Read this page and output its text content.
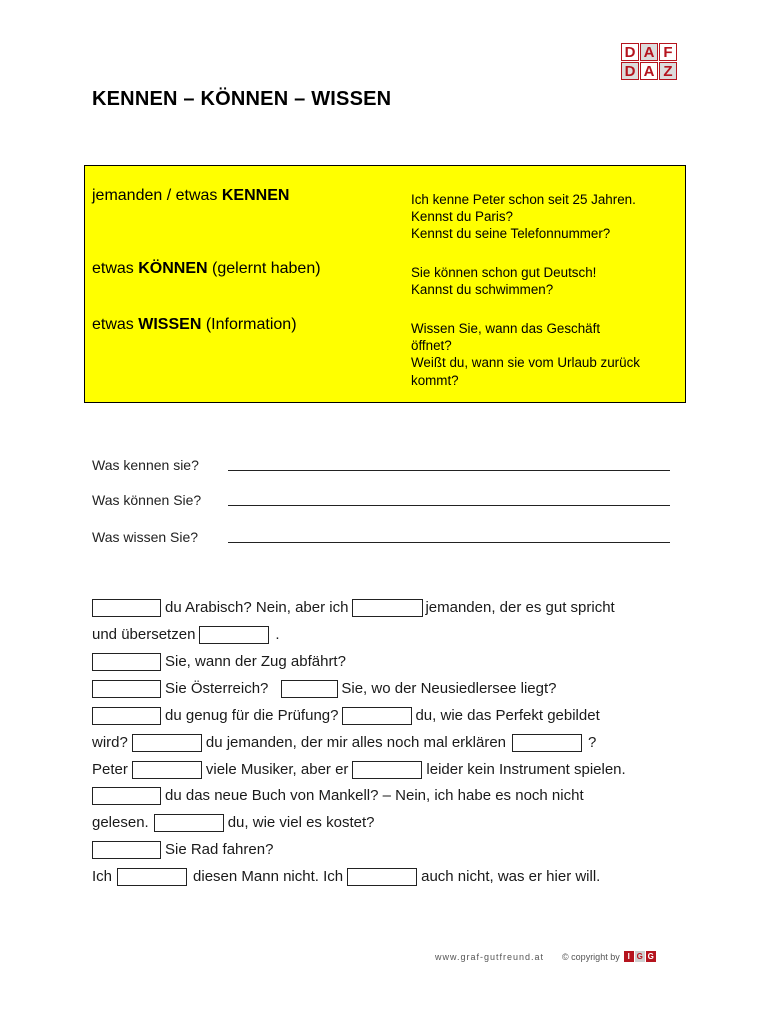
D A F
D A Z
KENNEN – KÖNNEN – WISSEN
jemanden / etwas KENNEN	Ich kenne Peter schon seit 25 Jahren.
Kennst du Paris?
Kennst du seine Telefonnummer?
etwas KÖNNEN (gelernt haben)	Sie können schon gut Deutsch!
Kannst du schwimmen?
etwas WISSEN (Information)	Wissen Sie, wann das Geschäft
öffnet?
Weißt du, wann sie vom Urlaub zurück
kommt?
Was kennen sie?
Was können Sie?
Was wissen Sie?
du Arabisch? Nein, aber ich	jemanden, der es gut spricht
und übersetzen	.
Sie, wann der Zug abfährt?
Sie Österreich?	Sie, wo der Neusiedlersee liegt?
du genug für die Prüfung?	du, wie das Perfekt gebildet
wird?	du jemanden, der mir alles noch mal erklären	?
Peter	viele Musiker, aber er	leider kein Instrument spielen.
du das neue Buch von Mankell? – Nein, ich habe es noch nicht
gelesen.	du, wie viel es kostet?
Sie Rad fahren?
Ich	diesen Mann nicht. Ich	auch nicht, was er hier will.
www.graf-gutfreund.at © copyright by I G G
